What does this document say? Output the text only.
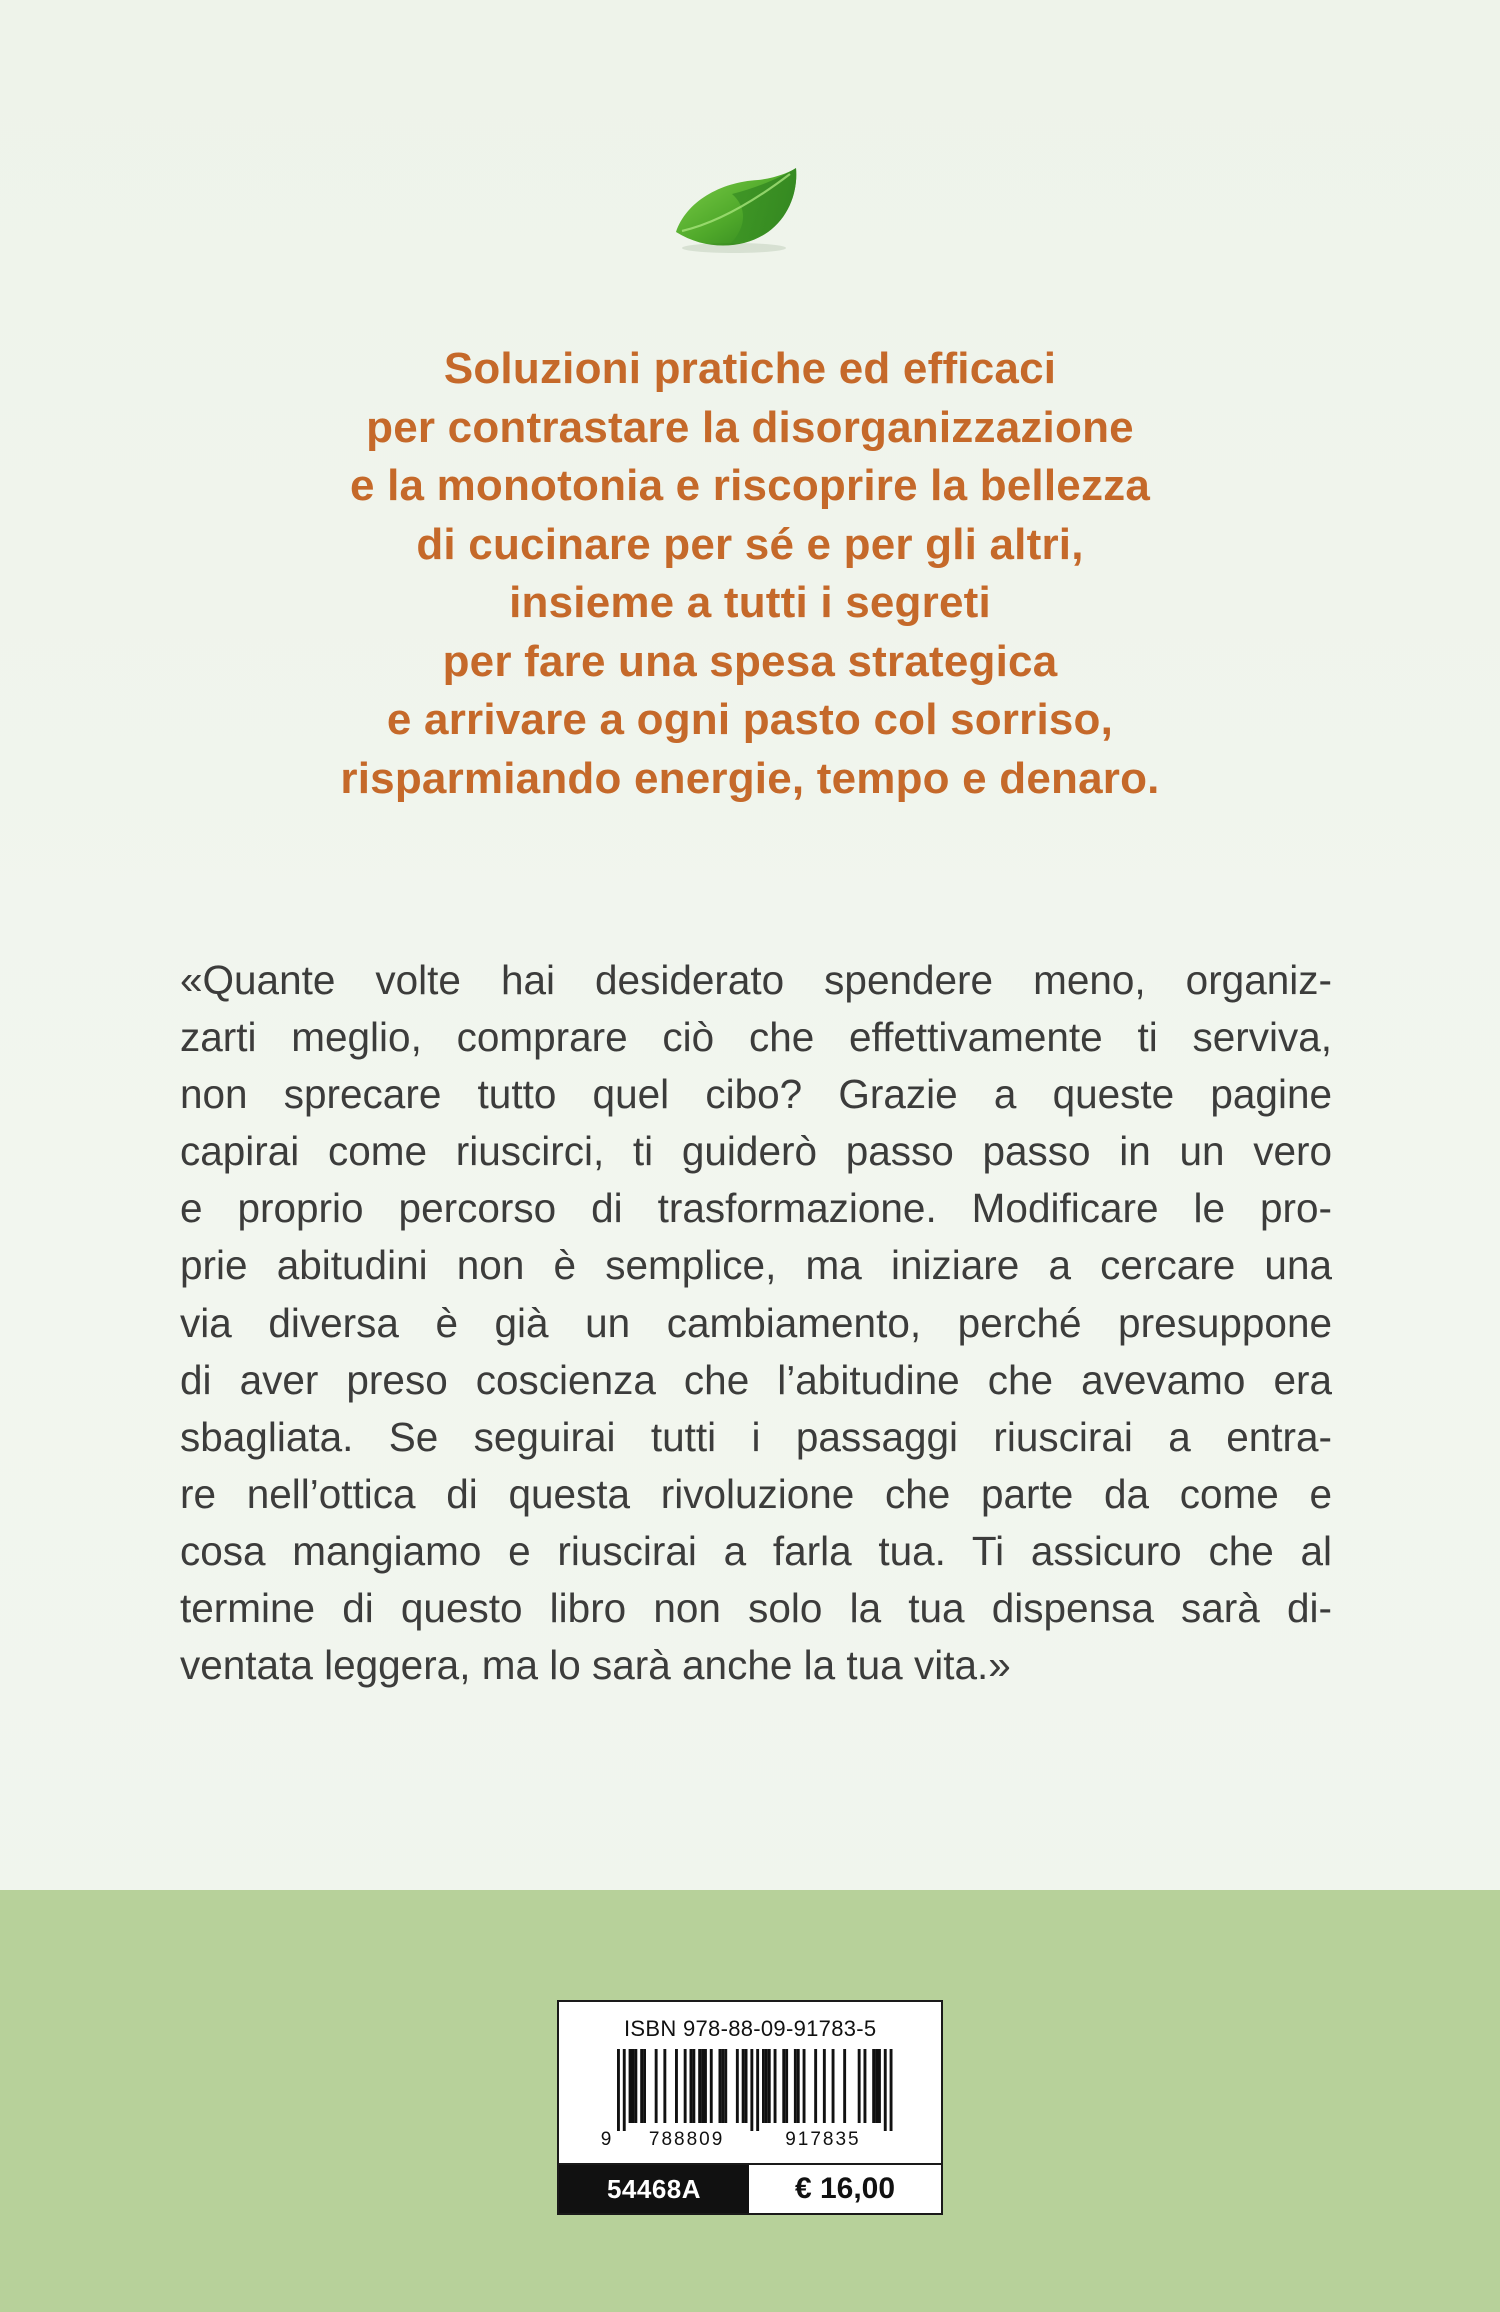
Soluzioni pratiche ed efficaci
per contrastare la disorganizzazione
e la monotonia e riscoprire la bellezza
di cucinare per sé e per gli altri,
insieme a tutti i segreti
per fare una spesa strategica
e arrivare a ogni pasto col sorriso,
risparmiando energie, tempo e denaro.
«Quante volte hai desiderato spendere meno, organiz-
zarti meglio, comprare ciò che effettivamente ti serviva,
non sprecare tutto quel cibo? Grazie a queste pagine
capirai come riuscirci, ti guiderò passo passo in un vero
e proprio percorso di trasformazione. Modificare le pro-
prie abitudini non è semplice, ma iniziare a cercare una
via diversa è già un cambiamento, perché presuppone
di aver preso coscienza che l’abitudine che avevamo era
sbagliata. Se seguirai tutti i passaggi riuscirai a entra-
re nell’ottica di questa rivoluzione che parte da come e
cosa mangiamo e riuscirai a farla tua. Ti assicuro che al
termine di questo libro non solo la tua dispensa sarà di-
ventata leggera, ma lo sarà anche la tua vita.»
ISBN 978-88-09-91783-5
9 788809	917835
54468A	€ 16,00
